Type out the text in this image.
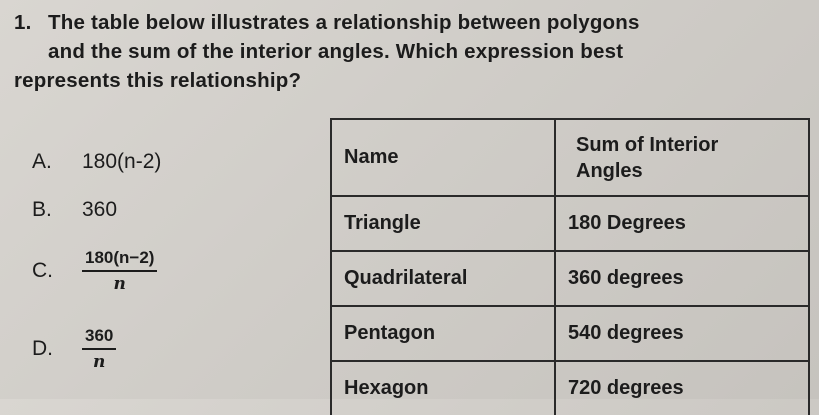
1. The table below illustrates a relationship between polygons
and the sum of the interior angles. Which expression best
represents this relationship?
A.	180(n-2)
B.	360
C.	$\frac{180(n-2)}{n}$
D.	$\frac{360}{n}$
Name	Sum of Interior
Angles

Triangle	180 Degrees
Quadrilateral	360 degrees
Pentagon	540 degrees
Hexagon	720 degrees
